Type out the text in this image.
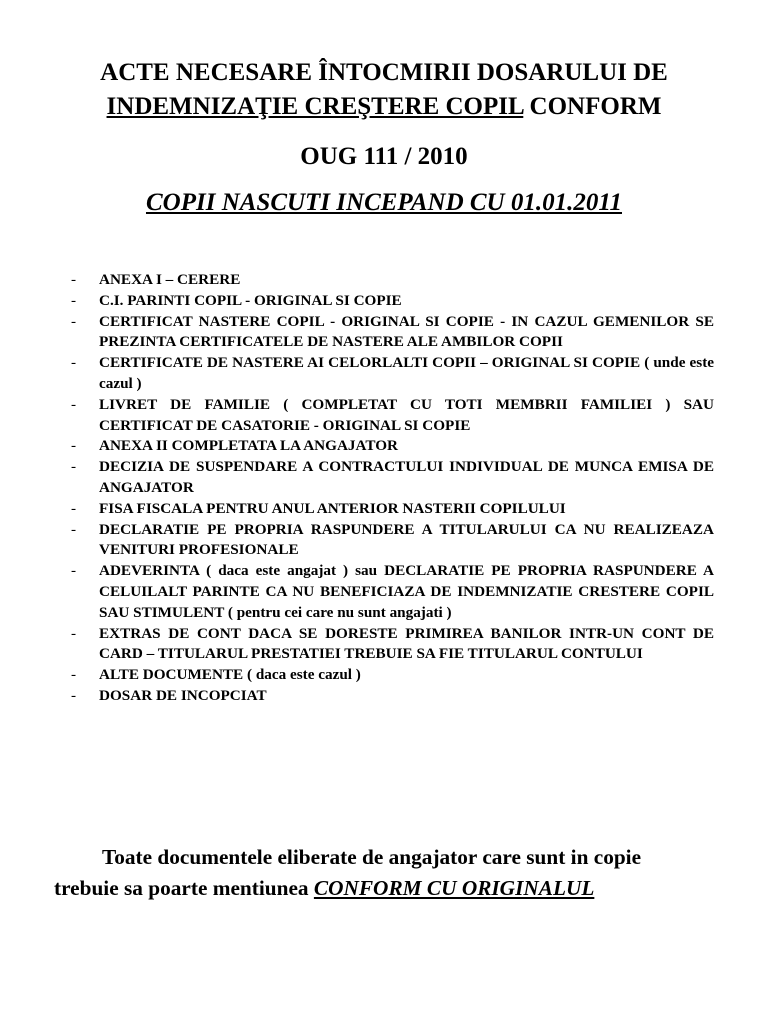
ACTE NECESARE ÎNTOCMIRII DOSARULUI DE
INDEMNIZAŢIE CREŞTERE COPIL CONFORM
OUG 111 / 2010
COPII NASCUTI INCEPAND CU 01.01.2011
-	ANEXA I – CERERE
-	C.I. PARINTI COPIL - ORIGINAL SI COPIE
-	CERTIFICAT NASTERE COPIL - ORIGINAL SI COPIE - IN CAZUL GEMENILOR SE PREZINTA CERTIFICATELE DE NASTERE ALE AMBILOR COPII
-	CERTIFICATE DE NASTERE AI CELORLALTI COPII – ORIGINAL SI COPIE ( unde este cazul )
-	LIVRET DE FAMILIE ( COMPLETAT CU TOTI MEMBRII FAMILIEI ) SAU CERTIFICAT DE CASATORIE - ORIGINAL SI COPIE
-	ANEXA II COMPLETATA LA ANGAJATOR
-	DECIZIA DE SUSPENDARE A CONTRACTULUI INDIVIDUAL DE MUNCA EMISA DE ANGAJATOR
-	FISA FISCALA PENTRU ANUL ANTERIOR NASTERII COPILULUI
-	DECLARATIE PE PROPRIA RASPUNDERE A TITULARULUI CA NU REALIZEAZA VENITURI PROFESIONALE
-	ADEVERINTA ( daca este angajat ) sau DECLARATIE PE PROPRIA RASPUNDERE A CELUILALT PARINTE CA NU BENEFICIAZA DE INDEMNIZATIE CRESTERE COPIL SAU STIMULENT ( pentru cei care nu sunt angajati )
-	EXTRAS DE CONT DACA SE DORESTE PRIMIREA BANILOR INTR-UN CONT DE CARD – TITULARUL PRESTATIEI TREBUIE SA FIE TITULARUL CONTULUI
-	ALTE DOCUMENTE ( daca este cazul )
-	DOSAR DE INCOPCIAT
Toate documentele eliberate de angajator care sunt in copie
trebuie sa poarte mentiunea CONFORM CU ORIGINALUL
